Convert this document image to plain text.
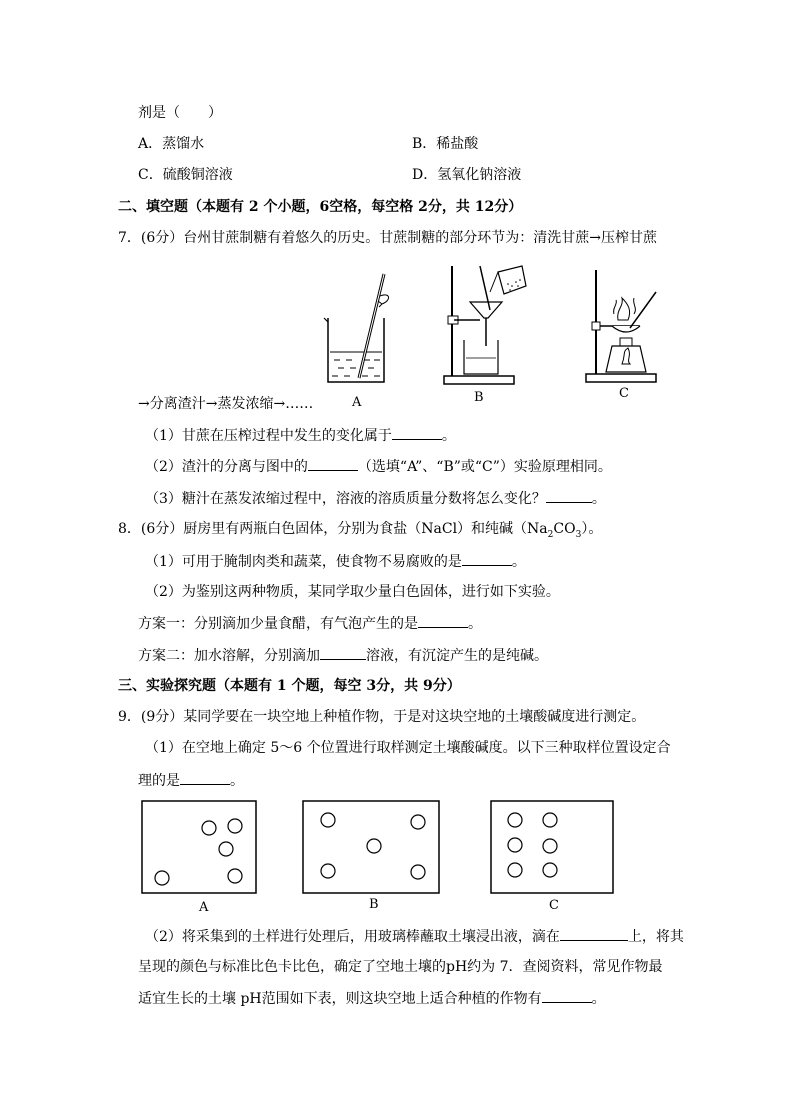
剂是（　　）
A．蒸馏水	B．稀盐酸
C．硫酸铜溶液	D．氢氧化钠溶液
二、填空题（本题有 2 个小题，6空格，每空格 2分，共 12分）
7．(6分）台州甘蔗制糖有着悠久的历史。甘蔗制糖的部分环节为：清洗甘蔗→压榨甘蔗
A	B	C
→分离渣汁→蒸发浓缩→……
（1）甘蔗在压榨过程中发生的变化属于	。
（2）渣汁的分离与图中的	（选填“A”、“B”或“C”）实验原理相同。
（3）糖汁在蒸发浓缩过程中，溶液的溶质质量分数将怎么变化？	。
8．(6分）厨房里有两瓶白色固体，分别为食盐（NaCl）和纯碱$(Na_2CO_3)$。
（1）可用于腌制肉类和蔬菜，使食物不易腐败的是	。
（2）为鉴别这两种物质，某同学取少量白色固体，进行如下实验。
方案一：分别滴加少量食醋，有气泡产生的是	。
方案二：加水溶解，分别滴加	溶液，有沉淀产生的是纯碱。
三、实验探究题（本题有 1 个题，每空 3分，共 9分）
9．(9分）某同学要在一块空地上种植作物，于是对这块空地的土壤酸碱度进行测定。
（1）在空地上确定 5～6 个位置进行取样测定土壤酸碱度。以下三种取样位置设定合
理的是	。
A	B	C
（2）将采集到的土样进行处理后，用玻璃棒蘸取土壤浸出液，滴在	上，将其
呈现的颜色与标准比色卡比色，确定了空地土壤的pH约为 7．查阅资料，常见作物最
适宜生长的土壤 pH范围如下表，则这块空地上适合种植的作物有	。
